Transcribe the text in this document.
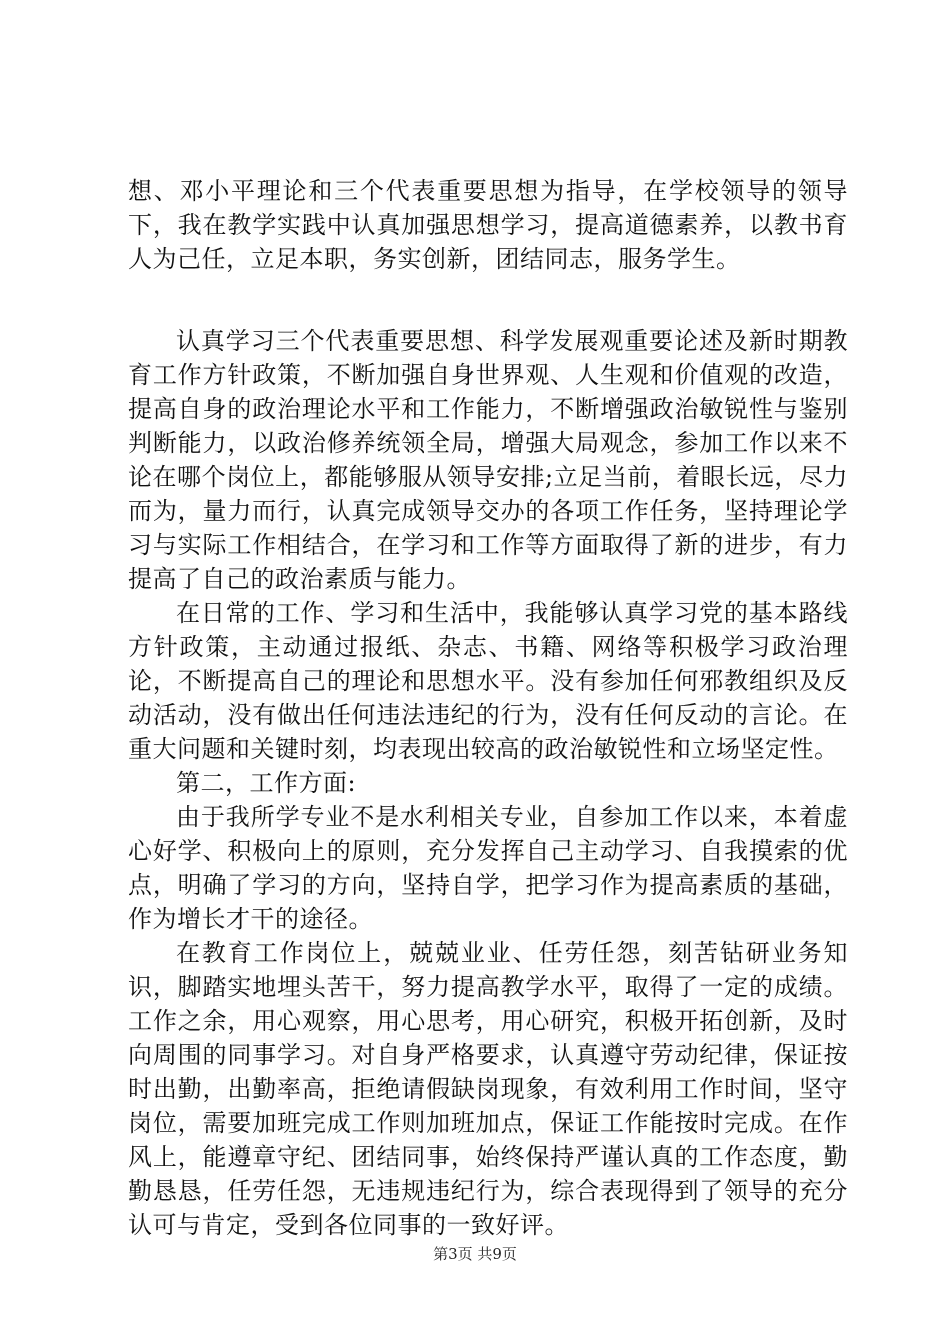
想、邓小平理论和三个代表重要思想为指导，在学校领导的领导下，我在教学实践中认真加强思想学习，提高道德素养，以教书育人为己任，立足本职，务实创新，团结同志，服务学生。

认真学习三个代表重要思想、科学发展观重要论述及新时期教育工作方针政策，不断加强自身世界观、人生观和价值观的改造，提高自身的政治理论水平和工作能力，不断增强政治敏锐性与鉴别判断能力，以政治修养统领全局，增强大局观念，参加工作以来不论在哪个岗位上，都能够服从领导安排;立足当前，着眼长远，尽力而为，量力而行，认真完成领导交办的各项工作任务，坚持理论学习与实际工作相结合，在学习和工作等方面取得了新的进步，有力提高了自己的政治素质与能力。

在日常的工作、学习和生活中，我能够认真学习党的基本路线方针政策，主动通过报纸、杂志、书籍、网络等积极学习政治理论，不断提高自己的理论和思想水平。没有参加任何邪教组织及反动活动，没有做出任何违法违纪的行为，没有任何反动的言论。在重大问题和关键时刻，均表现出较高的政治敏锐性和立场坚定性。

第二，工作方面:

由于我所学专业不是水利相关专业，自参加工作以来，本着虚心好学、积极向上的原则，充分发挥自己主动学习、自我摸索的优点，明确了学习的方向，坚持自学，把学习作为提高素质的基础，作为增长才干的途径。

在教育工作岗位上，兢兢业业、任劳任怨，刻苦钻研业务知识，脚踏实地埋头苦干，努力提高教学水平，取得了一定的成绩。工作之余，用心观察，用心思考，用心研究，积极开拓创新，及时向周围的同事学习。对自身严格要求，认真遵守劳动纪律，保证按时出勤，出勤率高，拒绝请假缺岗现象，有效利用工作时间，坚守岗位，需要加班完成工作则加班加点，保证工作能按时完成。在作风上，能遵章守纪、团结同事，始终保持严谨认真的工作态度，勤勤恳恳，任劳任怨，无违规违纪行为，综合表现得到了领导的充分认可与肯定，受到各位同事的一致好评。

第3页 共9页
